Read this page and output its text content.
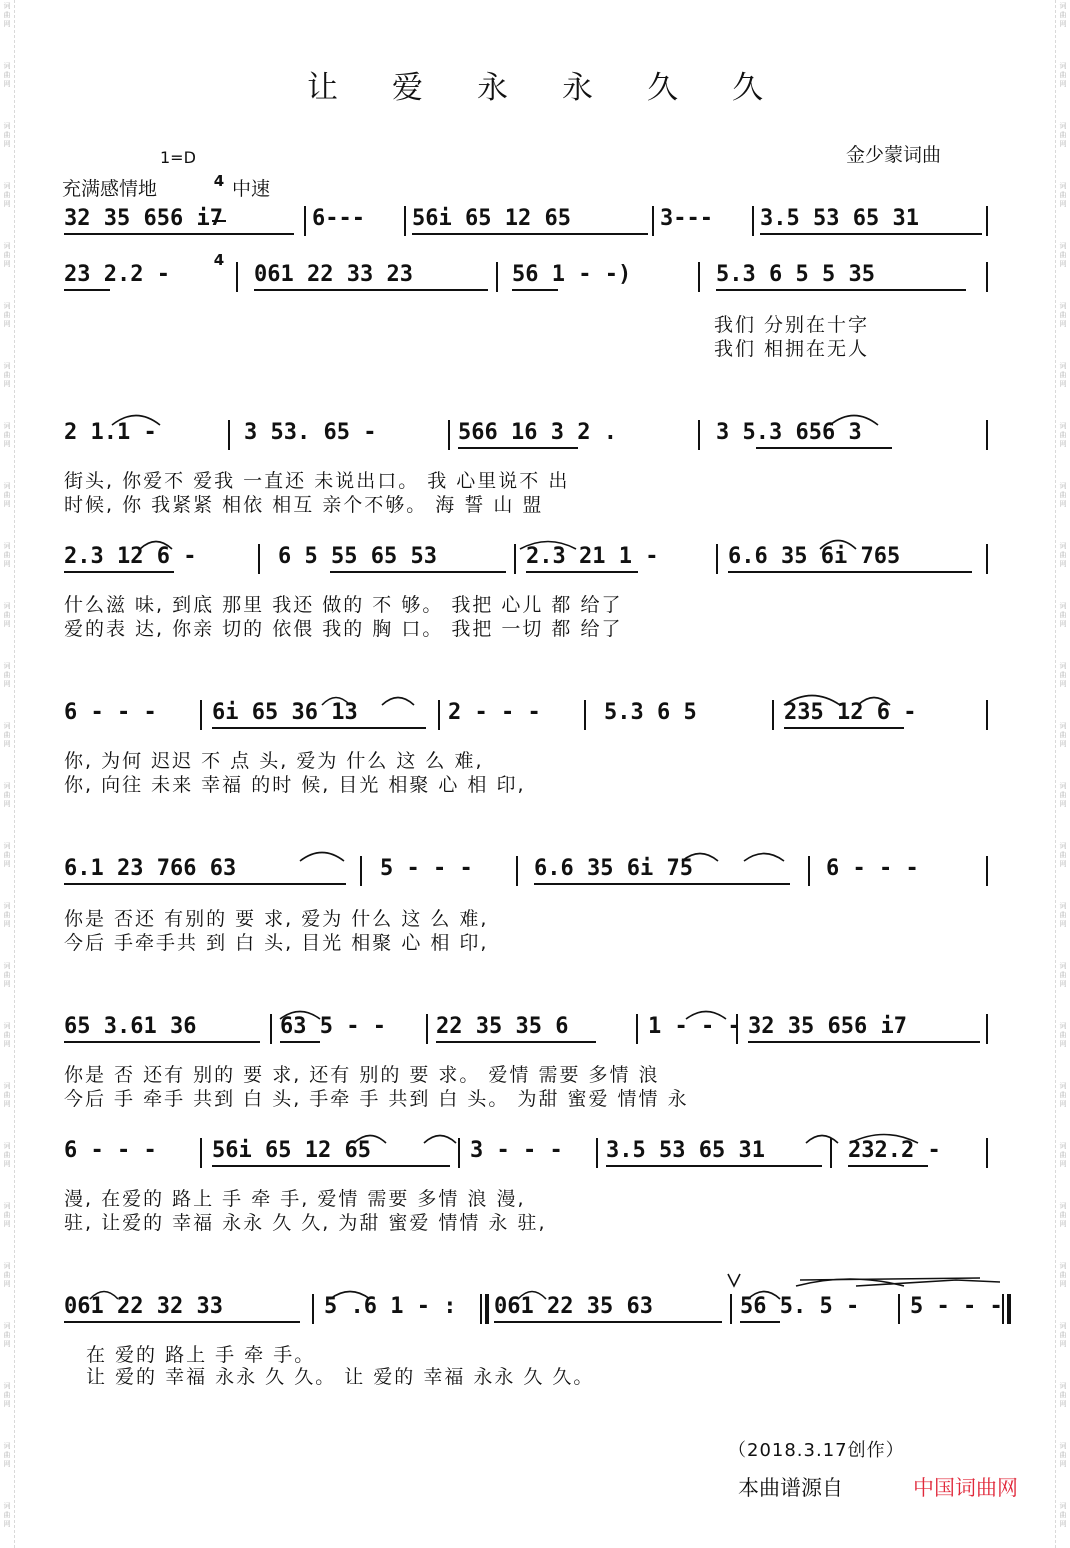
词
曲
网
词
曲
网
词
曲
网
词
曲
网
词
曲
网
词
曲
网
词
曲
网
词
曲
网
词
曲
网
词
曲
网
词
曲
网
词
曲
网
词
曲
网
词
曲
网
词
曲
网
词
曲
网
词
曲
网
词
曲
网
词
曲
网
词
曲
网
词
曲
网
词
曲
网
词
曲
网
词
曲
网
词
曲
网
词
曲
网
词
曲
网
词
曲
网
词
曲
网
词
曲
网
词
曲
网
词
曲
网
词
曲
网
词
曲
网
词
曲
网
词
曲
网
词
曲
网
词
曲
网
词
曲
网
词
曲
网
词
曲
网
词
曲
网
词
曲
网
词
曲
网
词
曲
网
词
曲
网
词
曲
网
词
曲
网
词
曲
网
词
曲
网
词
曲
网
词
曲
网
让爱永永久久
金少蒙词曲
1=D

4

4

充满感情地	中速
32 35 656 i7	6--- 56i 65 12 65	3--- 3.5 53 65 31
23 2.2 -	061 22 33 23	56 1 - -)	5.3 6 5 5 35
我们 分别在十字
我们 相拥在无人
2 1.1 -	3 53. 65 -	566 16 3 2 .	3 5.3 656 3
街头, 你爱不 爱我 一直还 未说出口。 我 心里说不 出
时候, 你 我紧紧 相依 相互 亲个不够。 海 誓 山 盟
2.3 12 6 -	6 5 55 65 53	2.3 21 1 -	6.6 35 6i 765
什么滋 味, 到底 那里 我还 做的 不 够。 我把 心儿 都 给了
爱的表 达, 你亲 切的 依偎 我的 胸 口。 我把 一切 都 给了
6 - - -	6i 65 36 13	2 - - -	5.3 6 5	235 12 6 -
你, 为何 迟迟 不 点 头, 爱为 什么 这 么 难,
你, 向往 未来 幸福 的时 候, 目光 相聚 心 相 印,
6.1 23 766 63	5 - - -	6.6 35 6i 75	6 - - -
你是 否还 有别的 要 求, 爱为 什么 这 么 难,
今后 手牵手共 到 白 头, 目光 相聚 心 相 印,
65 3.61 36	63 5 - - 22 35 35 6	1 - - - 32 35 656 i7
你是 否 还有 别的 要 求, 还有 别的 要 求。 爱情 需要 多情 浪
今后 手 牵手 共到 白 头, 手牵 手 共到 白 头。 为甜 蜜爱 情情 永
6 - - -	56i 65 12 65	3 - - - 3.5 53 65 31	232.2 -
漫, 在爱的 路上 手 牵 手, 爱情 需要 多情 浪 漫,
驻, 让爱的 幸福 永永 久 久, 为甜 蜜爱 情情 永 驻,
061 22 32 33	5 .6 1 - : 061 22 35 63	56 5. 5 - 5 - - -
在 爱的 路上 手 牵 手。
让 爱的 幸福 永永 久 久。 让 爱的 幸福 永永 久 久。
（2018.3.17创作）
本曲谱源自	中国词曲网
